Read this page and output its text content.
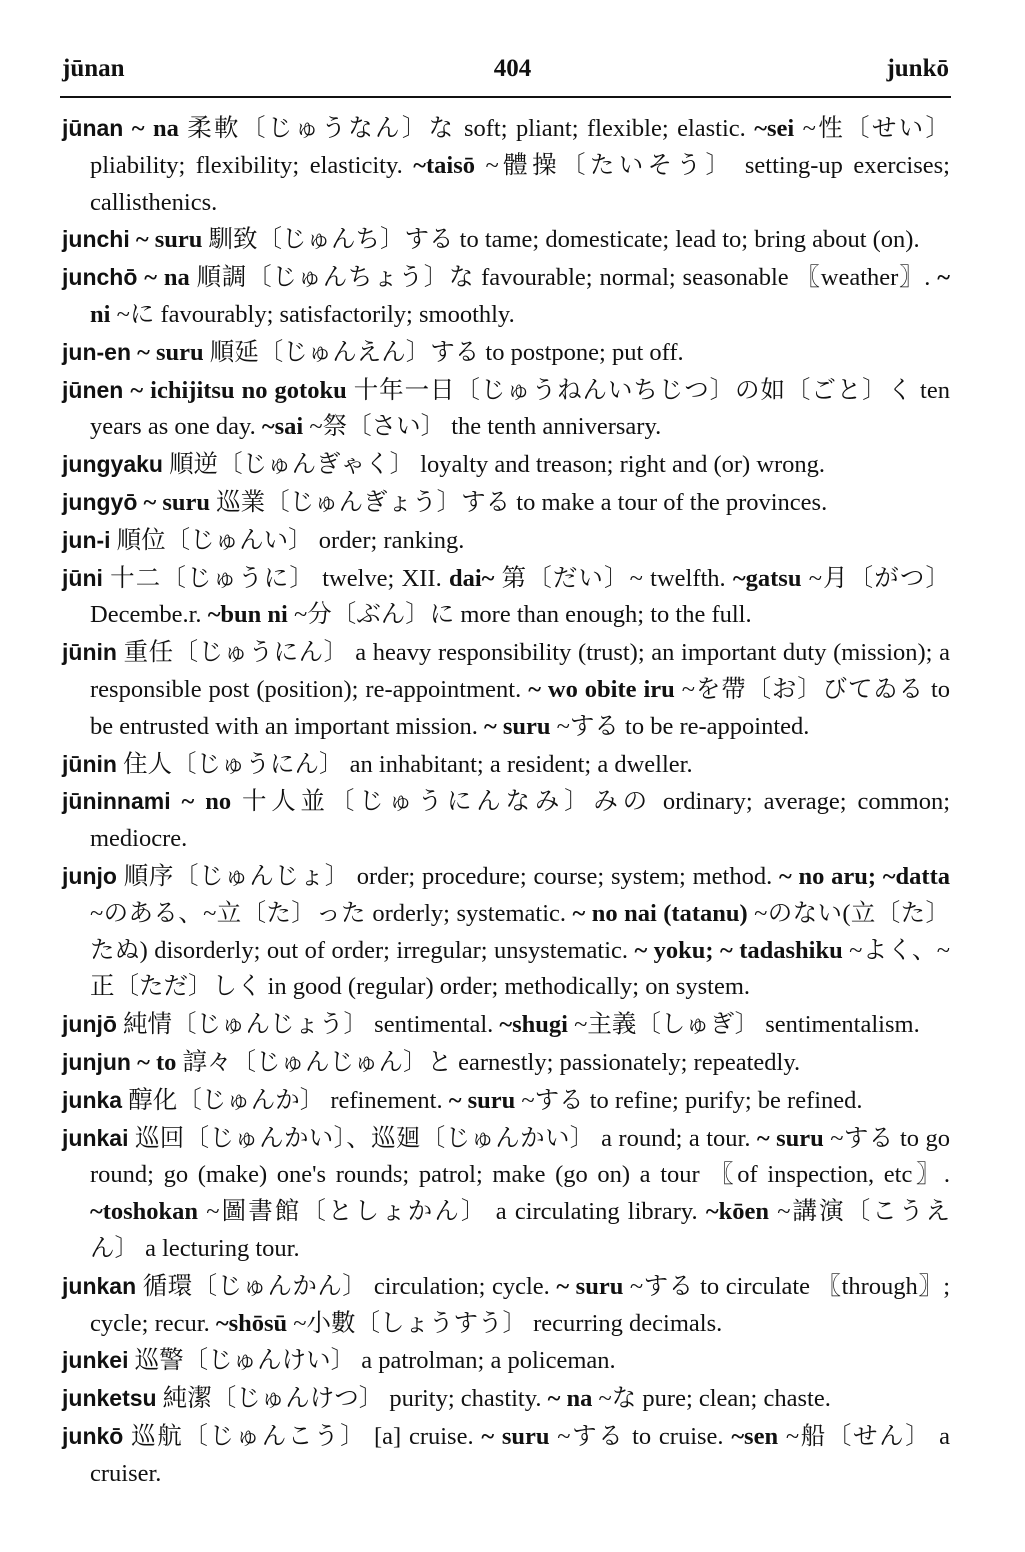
jūnan	404	junkō
jūnan ~ na 柔軟〔じゅうなん〕な soft; pliant; flexible; elastic. ~sei ~性〔せい〕 pliability; flexibility; elasticity. ~taisō ~體操〔たいそう〕 setting-up exercises; callisthenics.
junchi ~ suru 馴致〔じゅんち〕する to tame; domesticate; lead to; bring about (on).
junchō ~ na 順調〔じゅんちょう〕な favourable; normal; seasonable 〖weather〗. ~ ni ~に favourably; satisfactorily; smoothly.
jun-en ~ suru 順延〔じゅんえん〕する to postpone; put off.
jūnen ~ ichijitsu no gotoku 十年一日〔じゅうねんいちじつ〕の如〔ごと〕く ten years as one day. ~sai ~祭〔さい〕 the tenth anniversary.
jungyaku 順逆〔じゅんぎゃく〕 loyalty and treason; right and (or) wrong.
jungyō ~ suru 巡業〔じゅんぎょう〕する to make a tour of the provinces.
jun-i 順位〔じゅんい〕 order; ranking.
jūni 十二〔じゅうに〕 twelve; XII. dai~ 第〔だい〕~ twelfth. ~gatsu ~月〔がつ〕 Decembe.r. ~bun ni ~分〔ぶん〕に more than enough; to the full.
jūnin 重任〔じゅうにん〕 a heavy responsibility (trust); an important duty (mission); a responsible post (position); re-appointment. ~ wo obite iru ~を帶〔お〕びてゐる to be entrusted with an important mission. ~ suru ~する to be re-appointed.
jūnin 住人〔じゅうにん〕 an inhabitant; a resident; a dweller.
jūninnami ~ no 十人並〔じゅうにんなみ〕みの ordinary; average; common; mediocre.
junjo 順序〔じゅんじょ〕 order; procedure; course; system; method. ~ no aru; ~datta ~のある、~立〔た〕った orderly; systematic. ~ no nai (tatanu) ~のない(立〔た〕たぬ) disorderly; out of order; irregular; unsystematic. ~ yoku; ~ tadashiku ~よく、~正〔ただ〕しく in good (regular) order; methodically; on system.
junjō 純情〔じゅんじょう〕 sentimental. ~shugi ~主義〔しゅぎ〕 sentimentalism.
junjun ~ to 諄々〔じゅんじゅん〕と earnestly; passionately; repeatedly.
junka 醇化〔じゅんか〕 refinement. ~ suru ~する to refine; purify; be refined.
junkai 巡回〔じゅんかい〕、巡廻〔じゅんかい〕 a round; a tour. ~ suru ~する to go round; go (make) one's rounds; patrol; make (go on) a tour 〖of inspection, etc〗. ~toshokan ~圖書館〔としょかん〕 a circulating library. ~kōen ~講演〔こうえん〕 a lecturing tour.
junkan 循環〔じゅんかん〕 circulation; cycle. ~ suru ~する to circulate 〖through〗; cycle; recur. ~shōsū ~小數〔しょうすう〕 recurring decimals.
junkei 巡警〔じゅんけい〕 a patrolman; a policeman.
junketsu 純潔〔じゅんけつ〕 purity; chastity. ~ na ~な pure; clean; chaste.
junkō 巡航〔じゅんこう〕 [a] cruise. ~ suru ~する to cruise. ~sen ~船〔せん〕 a cruiser.
